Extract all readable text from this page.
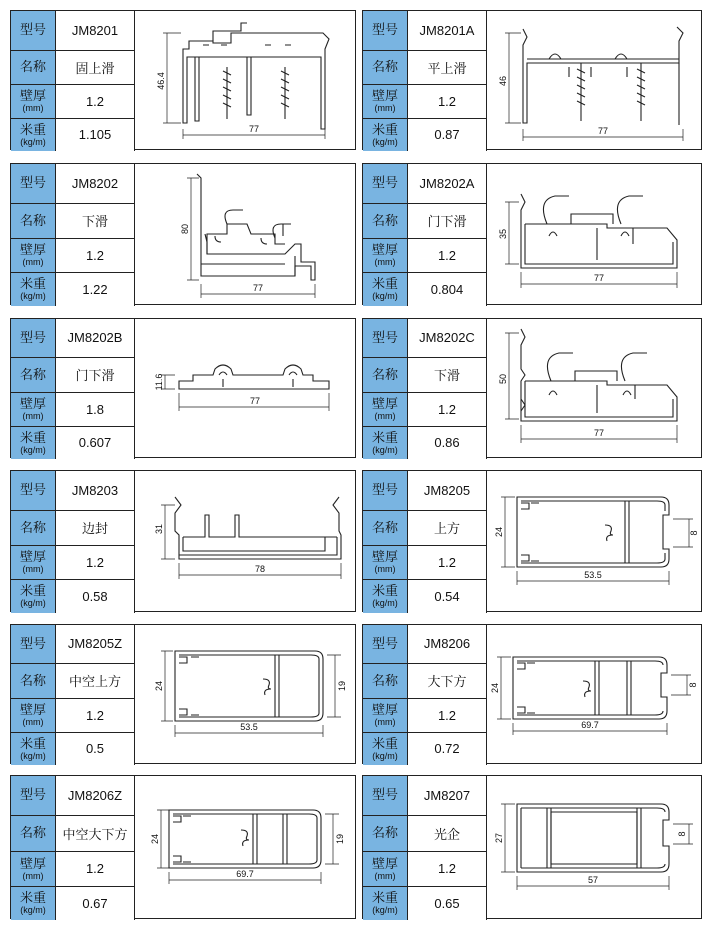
型号	JM8201

名称	固上滑

壁厚
(mm)	1.2

米重
(kg/m)	1.105
46.4
77
型号	JM8201A

名称	平上滑

壁厚
(mm)	1.2

米重
(kg/m)	0.87
46
77
型号	JM8202

名称	下滑

壁厚
(mm)	1.2

米重
(kg/m)	1.22
80
77
型号	JM8202A

名称	门下滑

壁厚
(mm)	1.2

米重
(kg/m)	0.804
35
77
型号	JM8202B

名称	门下滑

壁厚
(mm)	1.8

米重
(kg/m)	0.607
11.6
77
型号	JM8202C

名称	下滑

壁厚
(mm)	1.2

米重
(kg/m)	0.86
50
77
型号	JM8203

名称	边封

壁厚
(mm)	1.2

米重
(kg/m)	0.58
31
78
型号	JM8205

名称	上方

壁厚
(mm)	1.2

米重
(kg/m)	0.54
24
53.5
8
型号	JM8205Z

名称	中空上方

壁厚
(mm)	1.2

米重
(kg/m)	0.5
24
53.5
19
型号	JM8206

名称	大下方

壁厚
(mm)	1.2

米重
(kg/m)	0.72
24
69.7
8
型号	JM8206Z

名称	中空大下方

壁厚
(mm)	1.2

米重
(kg/m)	0.67
24
69.7
19
型号	JM8207

名称	光企

壁厚
(mm)	1.2

米重
(kg/m)	0.65
27
57
8
